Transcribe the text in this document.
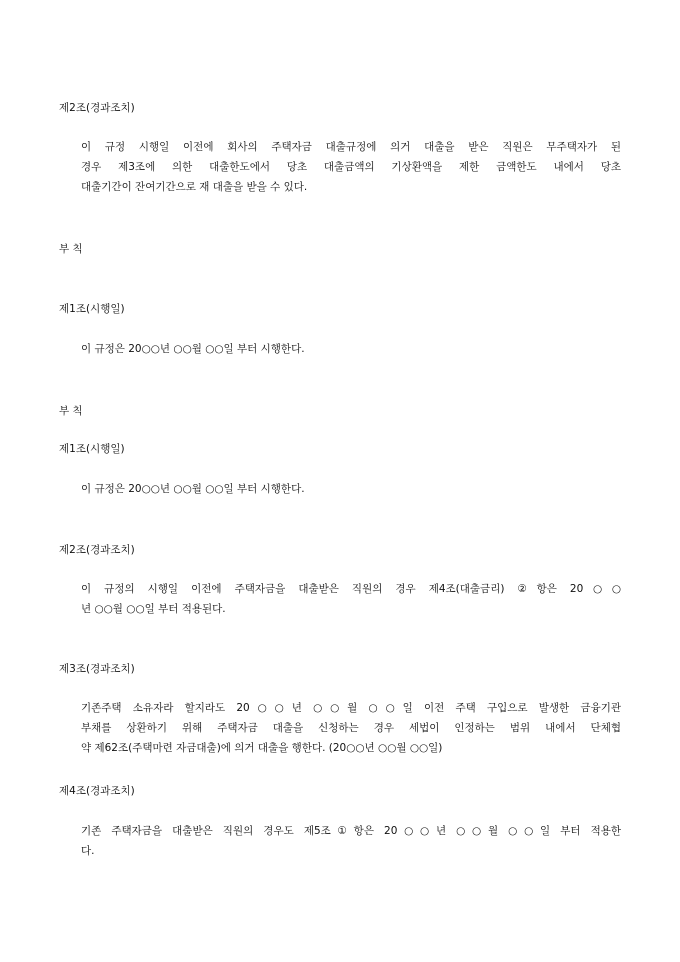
제2조(경과조치)
이 규정 시행일 이전에 회사의 주택자금 대출규정에 의거 대출을 받은 직원은 무주택자가 된
경우 제3조에 의한 대출한도에서 당초 대출금액의 기상환액을 제한 금액한도 내에서 당초
대출기간이 잔여기간으로 재 대출을 받을 수 있다.
부 칙
제1조(시행일)
이 규정은 20○○년 ○○월 ○○일 부터 시행한다.
부 칙
제1조(시행일)
이 규정은 20○○년 ○○월 ○○일 부터 시행한다.
제2조(경과조치)
이 규정의 시행일 이전에 주택자금을 대출받은 직원의 경우 제4조(대출금리) ②항은 20○○
년 ○○월 ○○일 부터 적용된다.
제3조(경과조치)
기존주택 소유자라 할지라도 20○○년 ○○월 ○○일 이전 주택 구입으로 발생한 금융기관
부채를 상환하기 위해 주택자금 대출을 신청하는 경우 세법이 인정하는 범위 내에서 단체협
약 제62조(주택마련 자금대출)에 의거 대출을 행한다. (20○○년 ○○월 ○○일)
제4조(경과조치)
기존 주택자금을 대출받은 직원의 경우도 제5조①항은 20○○년 ○○월 ○○일 부터 적용한
다.
